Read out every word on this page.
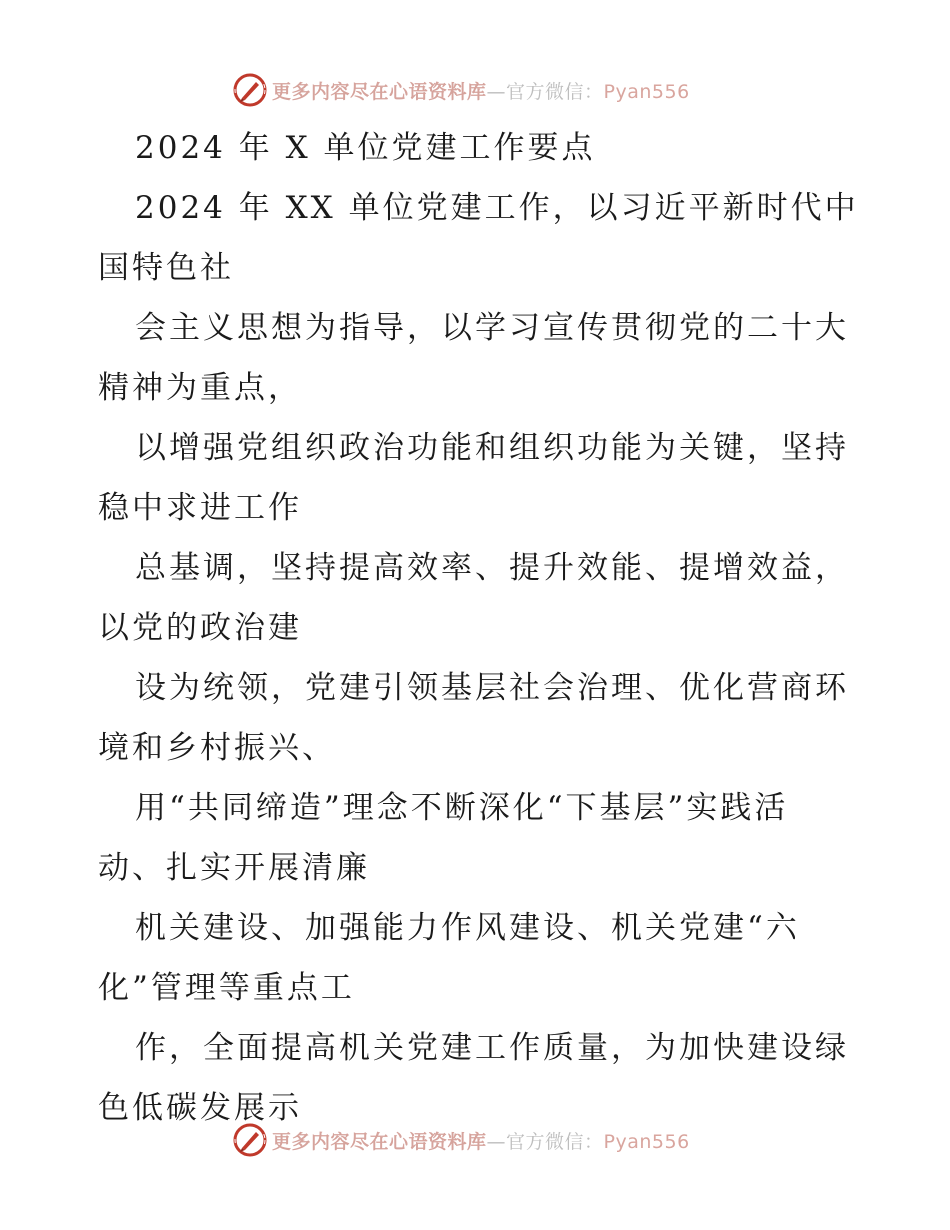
更多内容尽在心语资料库—官方微信：Pyan556
2024 年 X 单位党建工作要点
2024 年 XX 单位党建工作，以习近平新时代中
国特色社
会主义思想为指导，以学习宣传贯彻党的二十大
精神为重点，
以增强党组织政治功能和组织功能为关键，坚持
稳中求进工作
总基调，坚持提高效率、提升效能、提增效益，
以党的政治建
设为统领，党建引领基层社会治理、优化营商环
境和乡村振兴、
用“共同缔造”理念不断深化“下基层”实践活
动、扎实开展清廉
机关建设、加强能力作风建设、机关党建“六
化”管理等重点工
作，全面提高机关党建工作质量，为加快建设绿
色低碳发展示
更多内容尽在心语资料库—官方微信：Pyan556
